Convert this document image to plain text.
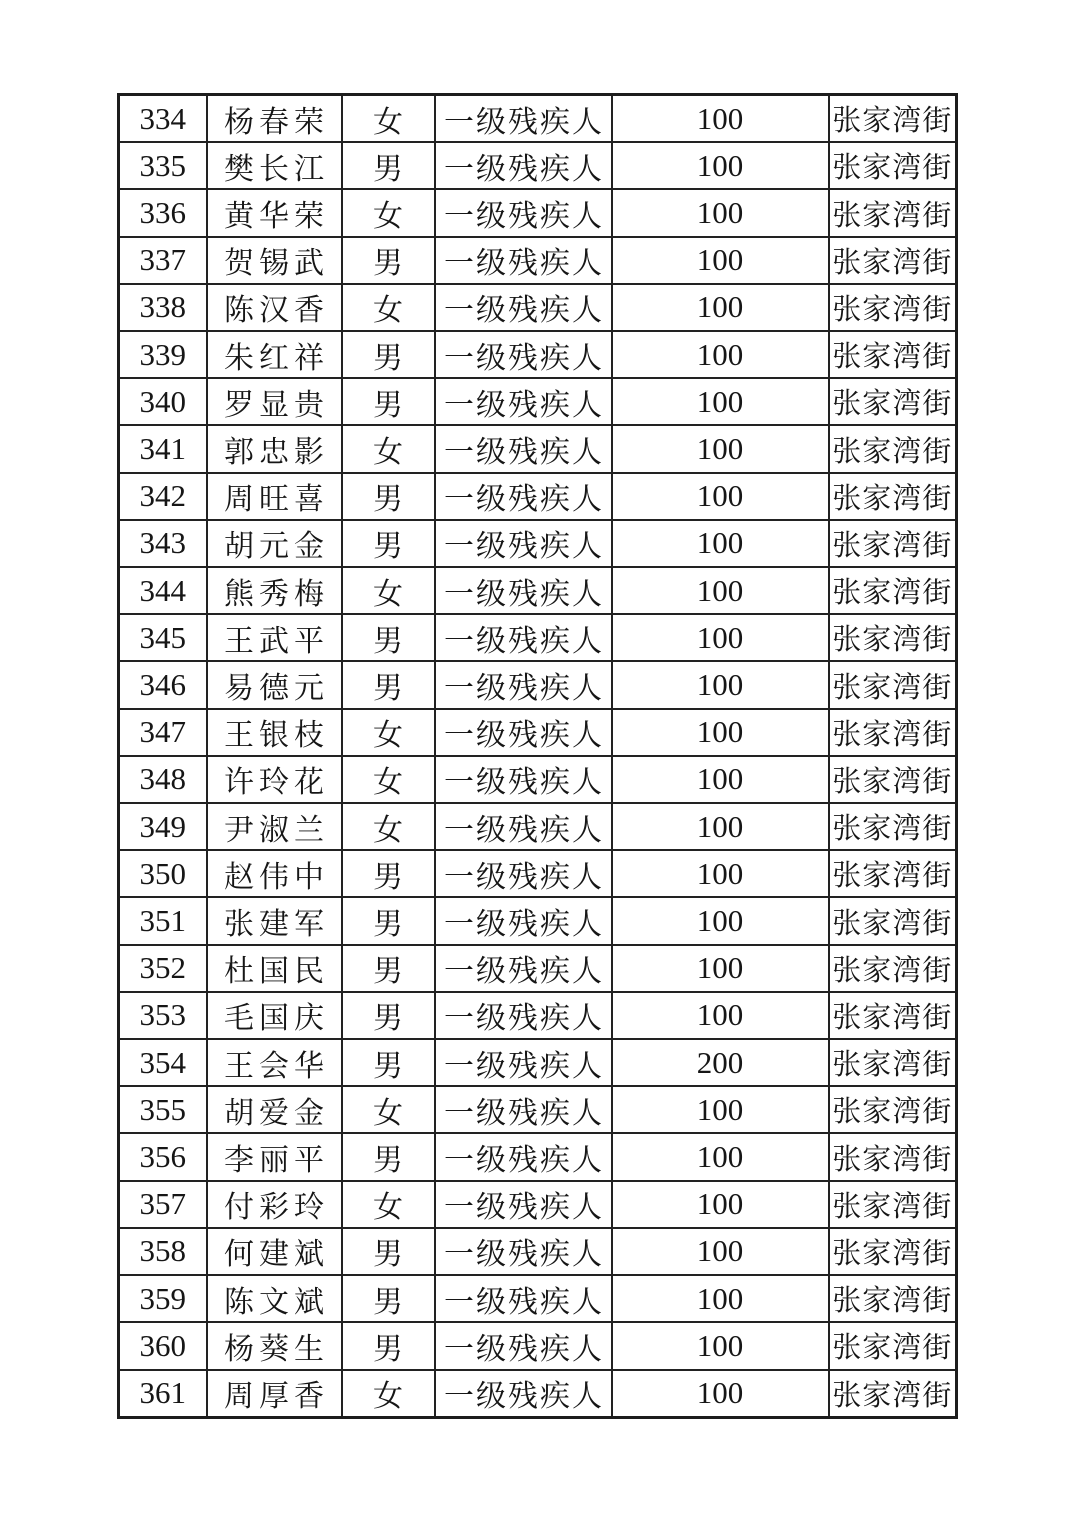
334	杨春荣	女	一级残疾人	100	张家湾街
335	樊长江	男	一级残疾人	100	张家湾街
336	黄华荣	女	一级残疾人	100	张家湾街
337	贺锡武	男	一级残疾人	100	张家湾街
338	陈汉香	女	一级残疾人	100	张家湾街
339	朱红祥	男	一级残疾人	100	张家湾街
340	罗显贵	男	一级残疾人	100	张家湾街
341	郭忠影	女	一级残疾人	100	张家湾街
342	周旺喜	男	一级残疾人	100	张家湾街
343	胡元金	男	一级残疾人	100	张家湾街
344	熊秀梅	女	一级残疾人	100	张家湾街
345	王武平	男	一级残疾人	100	张家湾街
346	易德元	男	一级残疾人	100	张家湾街
347	王银枝	女	一级残疾人	100	张家湾街
348	许玲花	女	一级残疾人	100	张家湾街
349	尹淑兰	女	一级残疾人	100	张家湾街
350	赵伟中	男	一级残疾人	100	张家湾街
351	张建军	男	一级残疾人	100	张家湾街
352	杜国民	男	一级残疾人	100	张家湾街
353	毛国庆	男	一级残疾人	100	张家湾街
354	王会华	男	一级残疾人	200	张家湾街
355	胡爱金	女	一级残疾人	100	张家湾街
356	李丽平	男	一级残疾人	100	张家湾街
357	付彩玲	女	一级残疾人	100	张家湾街
358	何建斌	男	一级残疾人	100	张家湾街
359	陈文斌	男	一级残疾人	100	张家湾街
360	杨葵生	男	一级残疾人	100	张家湾街
361	周厚香	女	一级残疾人	100	张家湾街
